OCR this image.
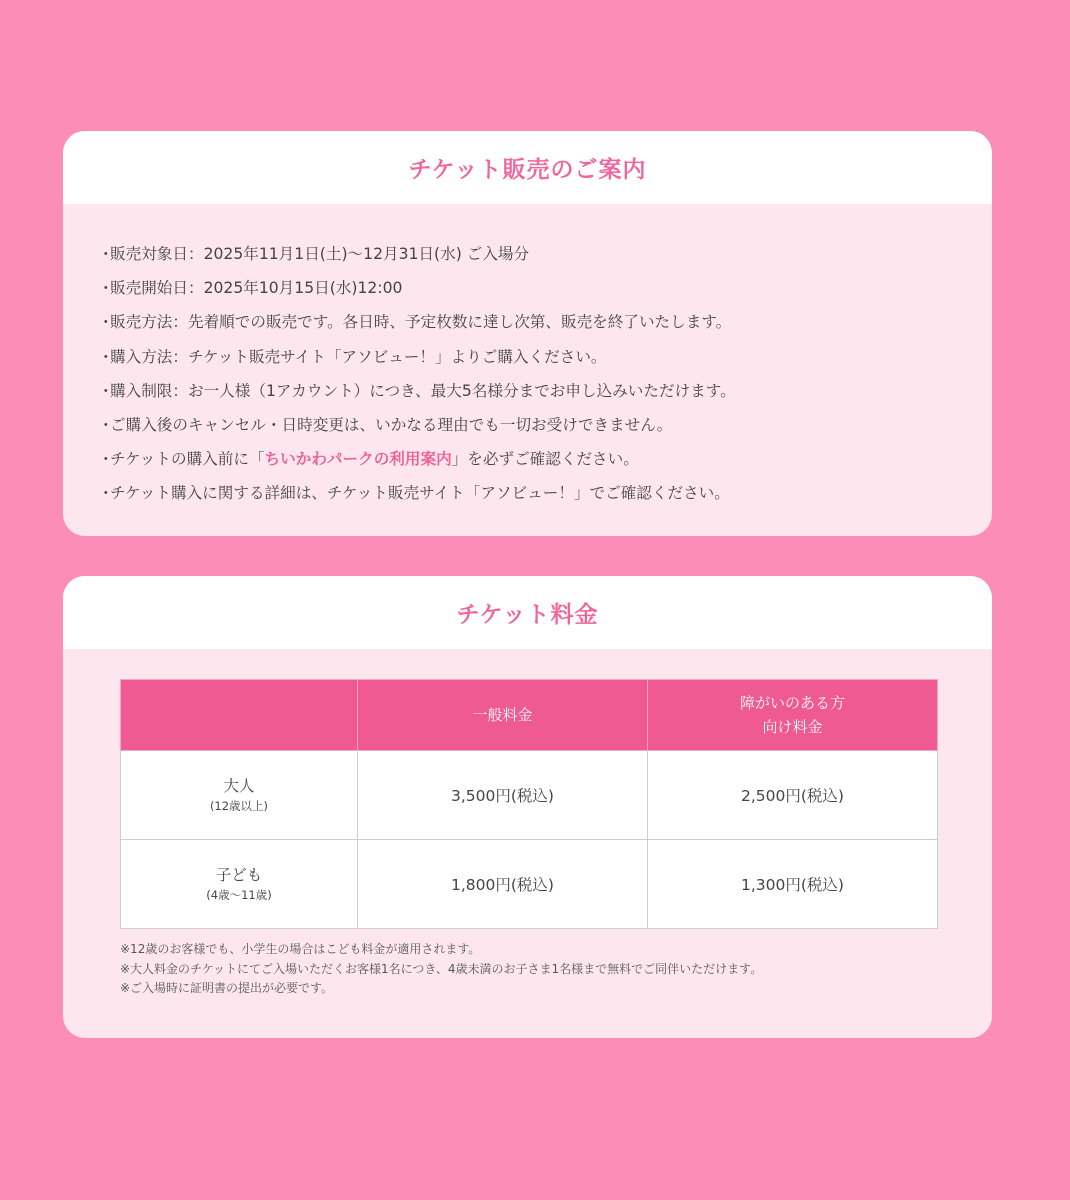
チケット販売のご案内
・販売対象日：2025年11月1日(土)〜12月31日(水) ご入場分
・販売開始日：2025年10月15日(水)12:00
・販売方法：先着順での販売です。各日時、予定枚数に達し次第、販売を終了いたします。
・購入方法：チケット販売サイト「アソビュー！」よりご購入ください。
・購入制限：お一人様（1アカウント）につき、最大5名様分までお申し込みいただけます。
・ご購入後のキャンセル・日時変更は、いかなる理由でも一切お受けできません。
・チケットの購入前に「ちいかわパークの利用案内」を必ずご確認ください。
・チケット購入に関する詳細は、チケット販売サイト「アソビュー！」でご確認ください。
チケット料金
	一般料金	障がいのある方
向け料金

大人
(12歳以上)	3,500円(税込)	2,500円(税込)

子ども
(4歳〜11歳)	1,800円(税込)	1,300円(税込)
※12歳のお客様でも、小学生の場合はこども料金が適用されます。
※大人料金のチケットにてご入場いただくお客様1名につき、4歳未満のお子さま1名様まで無料でご同伴いただけます。
※ご入場時に証明書の提出が必要です。
